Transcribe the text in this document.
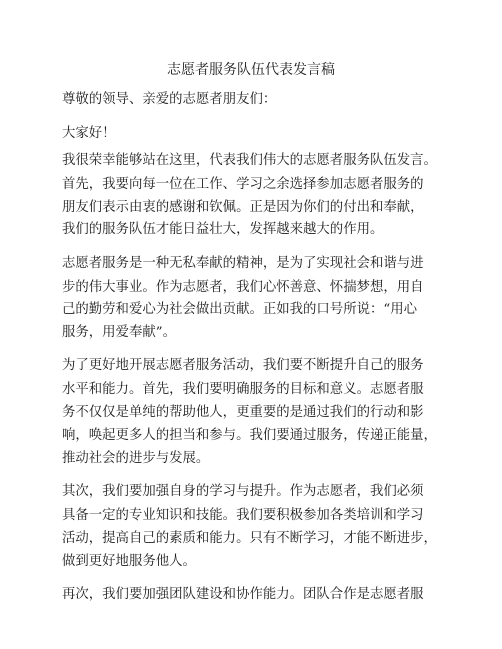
志愿者服务队伍代表发言稿
尊敬的领导、亲爱的志愿者朋友们：
大家好！
我很荣幸能够站在这里，代表我们伟大的志愿者服务队伍发言。
首先，我要向每一位在工作、学习之余选择参加志愿者服务的
朋友们表示由衷的感谢和钦佩。正是因为你们的付出和奉献，
我们的服务队伍才能日益壮大，发挥越来越大的作用。
志愿者服务是一种无私奉献的精神，是为了实现社会和谐与进
步的伟大事业。作为志愿者，我们心怀善意、怀揣梦想，用自
己的勤劳和爱心为社会做出贡献。正如我的口号所说：“用心
服务，用爱奉献”。
为了更好地开展志愿者服务活动，我们要不断提升自己的服务
水平和能力。首先，我们要明确服务的目标和意义。志愿者服
务不仅仅是单纯的帮助他人，更重要的是通过我们的行动和影
响，唤起更多人的担当和参与。我们要通过服务，传递正能量，
推动社会的进步与发展。
其次，我们要加强自身的学习与提升。作为志愿者，我们必须
具备一定的专业知识和技能。我们要积极参加各类培训和学习
活动，提高自己的素质和能力。只有不断学习，才能不断进步，
做到更好地服务他人。
再次，我们要加强团队建设和协作能力。团队合作是志愿者服
